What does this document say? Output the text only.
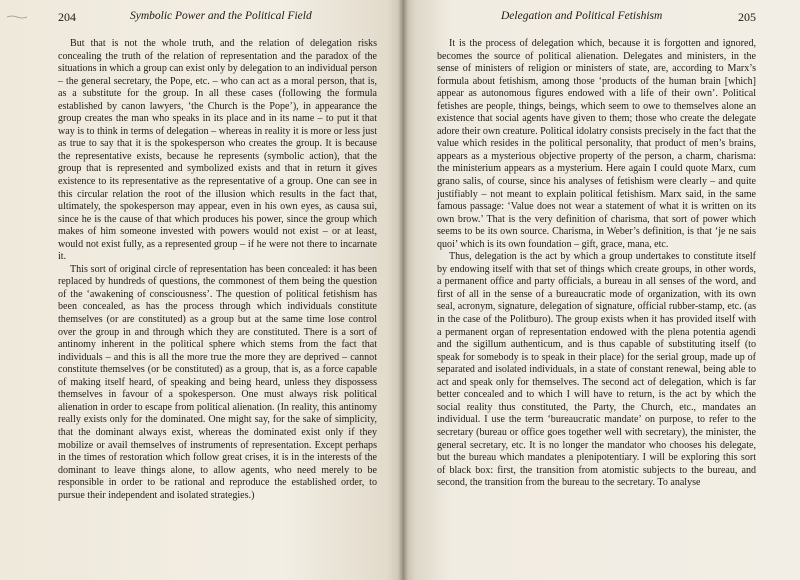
204	Symbolic Power and the Political Field

But that is not the whole truth, and the relation of delegation risks concealing the truth of the relation of representation and the paradox of the situations in which a group can exist only by delegation to an individual person – the general secretary, the Pope, etc. – who can act as a moral person, that is, as a substitute for the group. In all these cases (following the formula established by canon lawyers, ‘the Church is the Pope’), in appearance the group creates the man who speaks in its place and in its name – to put it that way is to think in terms of delegation – whereas in reality it is more or less just as true to say that it is the spokesperson who creates the group. It is because the representative exists, because he represents (symbolic action), that the group that is represented and symbolized exists and that in return it gives existence to its representative as the representative of a group. One can see in this circular relation the root of the illusion which results in the fact that, ultimately, the spokesperson may appear, even in his own eyes, as causa sui, since he is the cause of that which produces his power, since the group which makes of him someone invested with powers would not exist – or at least, would not exist fully, as a represented group – if he were not there to incarnate it.

This sort of original circle of representation has been concealed: it has been replaced by hundreds of questions, the commonest of them being the question of the ‘awakening of consciousness’. The question of political fetishism has been concealed, as has the process through which individuals constitute themselves (or are constituted) as a group but at the same time lose control over the group in and through which they are constituted. There is a sort of antinomy inherent in the political sphere which stems from the fact that individuals – and this is all the more true the more they are deprived – cannot constitute themselves (or be constituted) as a group, that is, as a force capable of making itself heard, of speaking and being heard, unless they dispossess themselves in favour of a spokesperson. One must always risk political alienation in order to escape from political alienation. (In reality, this antinomy really exists only for the dominated. One might say, for the sake of simplicity, that the dominant always exist, whereas the dominated exist only if they mobilize or avail themselves of instruments of representation. Except perhaps in the times of restoration which follow great crises, it is in the interests of the dominant to leave things alone, to allow agents, who need merely to be responsible in order to be rational and reproduce the established order, to pursue their independent and isolated strategies.)

Delegation and Political Fetishism	205

It is the process of delegation which, because it is forgotten and ignored, becomes the source of political alienation. Delegates and ministers, in the sense of ministers of religion or ministers of state, are, according to Marx’s formula about fetishism, among those ‘products of the human brain [which] appear as autonomous figures endowed with a life of their own’. Political fetishes are people, things, beings, which seem to owe to themselves alone an existence that social agents have given to them; those who create the delegate adore their own creature. Political idolatry consists precisely in the fact that the value which resides in the political personality, that product of men’s brains, appears as a mysterious objective property of the person, a charm, charisma: the ministerium appears as a mysterium. Here again I could quote Marx, cum grano salis, of course, since his analyses of fetishism were clearly – and quite justifiably – not meant to explain political fetishism. Marx said, in the same famous passage: ‘Value does not wear a statement of what it is written on its own brow.’ That is the very definition of charisma, that sort of power which seems to be its own source. Charisma, in Weber’s definition, is that ‘je ne sais quoi’ which is its own foundation – gift, grace, mana, etc.

Thus, delegation is the act by which a group undertakes to constitute itself by endowing itself with that set of things which create groups, in other words, a permanent office and party officials, a bureau in all senses of the word, and first of all in the sense of a bureaucratic mode of organization, with its own seal, acronym, signature, delegation of signature, official rubber-stamp, etc. (as in the case of the Politburo). The group exists when it has provided itself with a permanent organ of representation endowed with the plena potentia agendi and the sigillum authenticum, and is thus capable of substituting itself (to speak for somebody is to speak in their place) for the serial group, made up of separated and isolated individuals, in a state of constant renewal, being able to act and speak only for themselves. The second act of delegation, which is far better concealed and to which I will have to return, is the act by which the social reality thus constituted, the Party, the Church, etc., mandates an individual. I use the term ‘bureaucratic mandate’ on purpose, to refer to the secretary (bureau or office goes together well with secretary), the minister, the general secretary, etc. It is no longer the mandator who chooses his delegate, but the bureau which mandates a plenipotentiary. I will be exploring this sort of black box: first, the transition from atomistic subjects to the bureau, and second, the transition from the bureau to the secretary. To analyse
